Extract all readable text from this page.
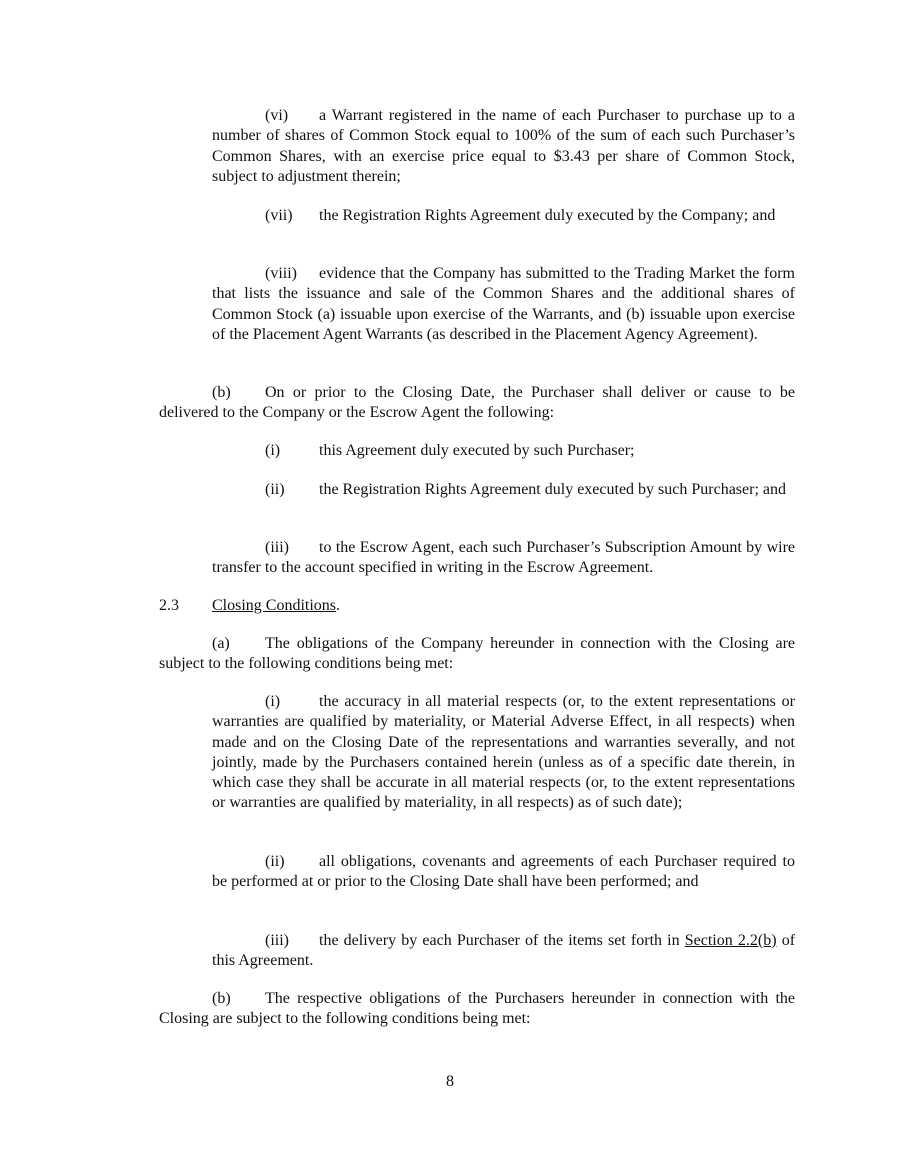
(vi) a Warrant registered in the name of each Purchaser to purchase up to a number of shares of Common Stock equal to 100% of the sum of each such Purchaser’s Common Shares, with an exercise price equal to $3.43 per share of Common Stock, subject to adjustment therein;

(vii) the Registration Rights Agreement duly executed by the Company; and

(viii) evidence that the Company has submitted to the Trading Market the form that lists the issuance and sale of the Common Shares and the additional shares of Common Stock (a) issuable upon exercise of the Warrants, and (b) issuable upon exercise of the Placement Agent Warrants (as described in the Placement Agency Agreement).

(b) On or prior to the Closing Date, the Purchaser shall deliver or cause to be delivered to the Company or the Escrow Agent the following:

(i) this Agreement duly executed by such Purchaser;

(ii) the Registration Rights Agreement duly executed by such Purchaser; and

(iii) to the Escrow Agent, each such Purchaser’s Subscription Amount by wire transfer to the account specified in writing in the Escrow Agreement.

2.3 Closing Conditions.

(a) The obligations of the Company hereunder in connection with the Closing are subject to the following conditions being met:

(i) the accuracy in all material respects (or, to the extent representations or warranties are qualified by materiality, or Material Adverse Effect, in all respects) when made and on the Closing Date of the representations and warranties severally, and not jointly, made by the Purchasers contained herein (unless as of a specific date therein, in which case they shall be accurate in all material respects (or, to the extent representations or warranties are qualified by materiality, in all respects) as of such date);

(ii) all obligations, covenants and agreements of each Purchaser required to be performed at or prior to the Closing Date shall have been performed; and

(iii) the delivery by each Purchaser of the items set forth in Section 2.2(b) of this Agreement.

(b) The respective obligations of the Purchasers hereunder in connection with the Closing are subject to the following conditions being met:

8
